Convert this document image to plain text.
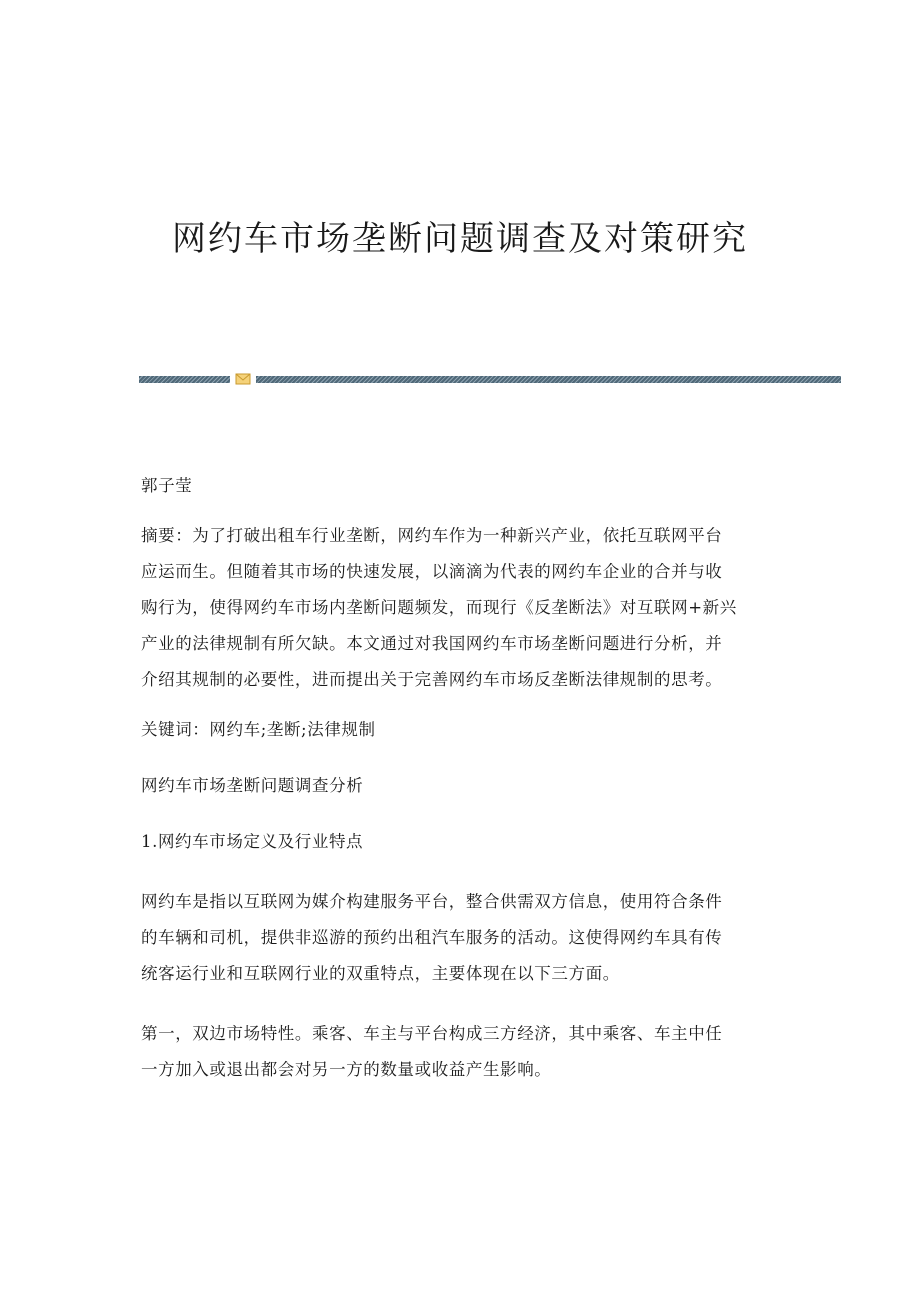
网约车市场垄断问题调查及对策研究

郭子莹

摘要：为了打破出租车行业垄断，网约车作为一种新兴产业，依托互联网平台
应运而生。但随着其市场的快速发展，以滴滴为代表的网约车企业的合并与收
购行为，使得网约车市场内垄断问题频发，而现行《反垄断法》对互联网+新兴
产业的法律规制有所欠缺。本文通过对我国网约车市场垄断问题进行分析，并
介绍其规制的必要性，进而提出关于完善网约车市场反垄断法律规制的思考。

关键词：网约车;垄断;法律规制

网约车市场垄断问题调查分析

1.网约车市场定义及行业特点

网约车是指以互联网为媒介构建服务平台，整合供需双方信息，使用符合条件
的车辆和司机，提供非巡游的预约出租汽车服务的活动。这使得网约车具有传
统客运行业和互联网行业的双重特点，主要体现在以下三方面。

第一，双边市场特性。乘客、车主与平台构成三方经济，其中乘客、车主中任
一方加入或退出都会对另一方的数量或收益产生影响。
